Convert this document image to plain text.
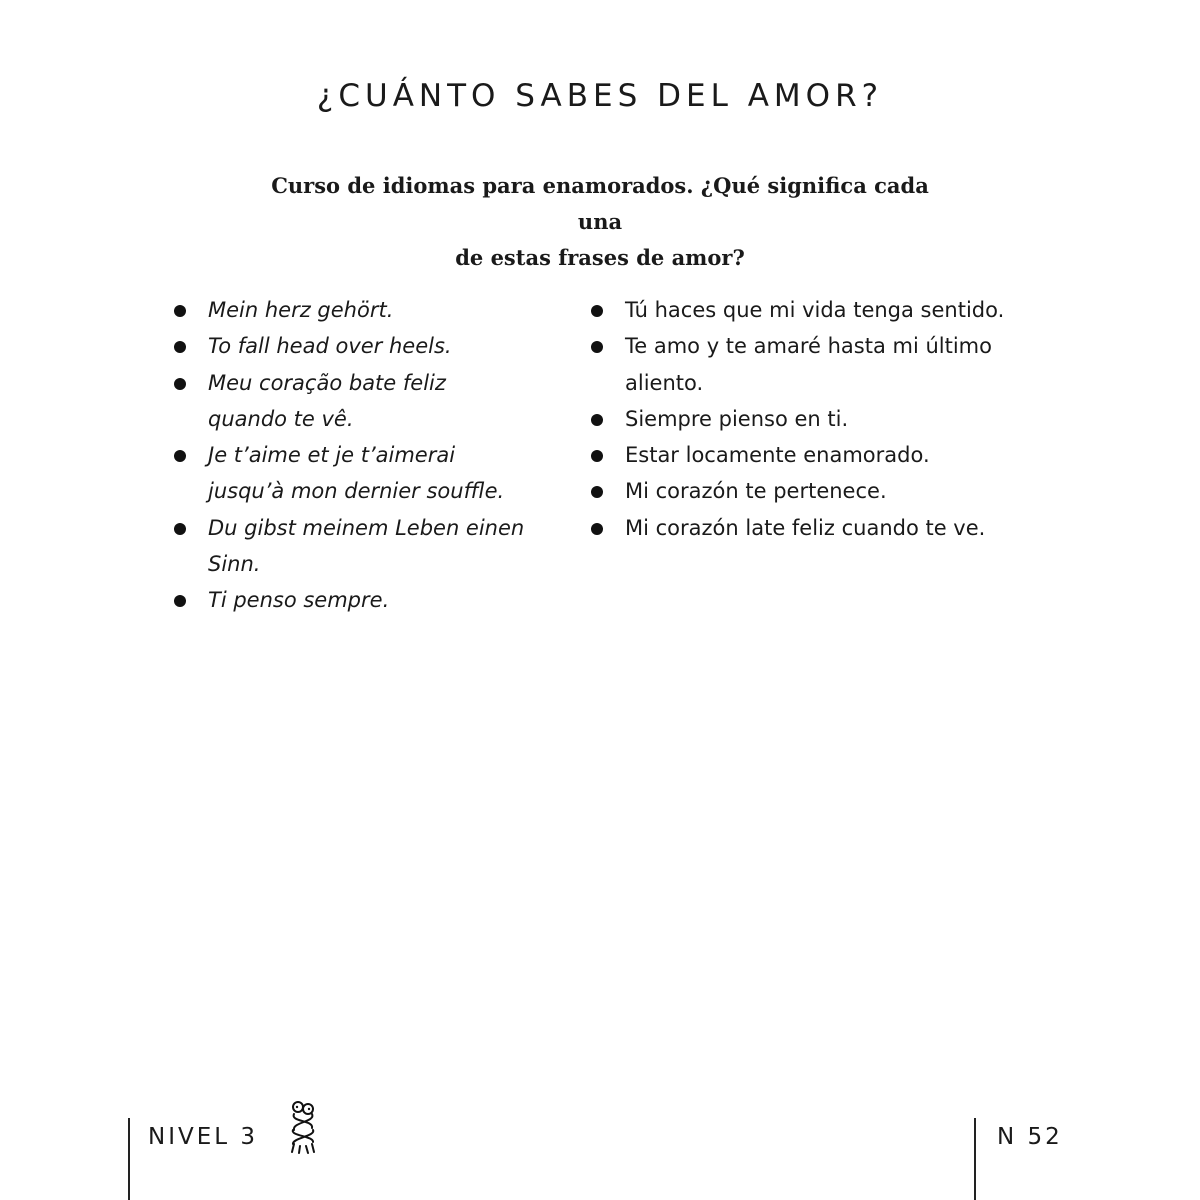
¿CUÁNTO SABES DEL AMOR?

Curso de idiomas para enamorados. ¿Qué significa cada una
de estas frases de amor?

Mein herz gehört.
To fall head over heels.
Meu coração bate feliz quando te vê.
Je t’aime et je t’aimerai jusqu’à mon dernier souffle.
Du gibst meinem Leben einen Sinn.
Ti penso sempre.
Tú haces que mi vida tenga sentido.
Te amo y te amaré hasta mi último aliento.
Siempre pienso en ti.
Estar locamente enamorado.
Mi corazón te pertenece.
Mi corazón late feliz cuando te ve.
NIVEL 3	N 52
